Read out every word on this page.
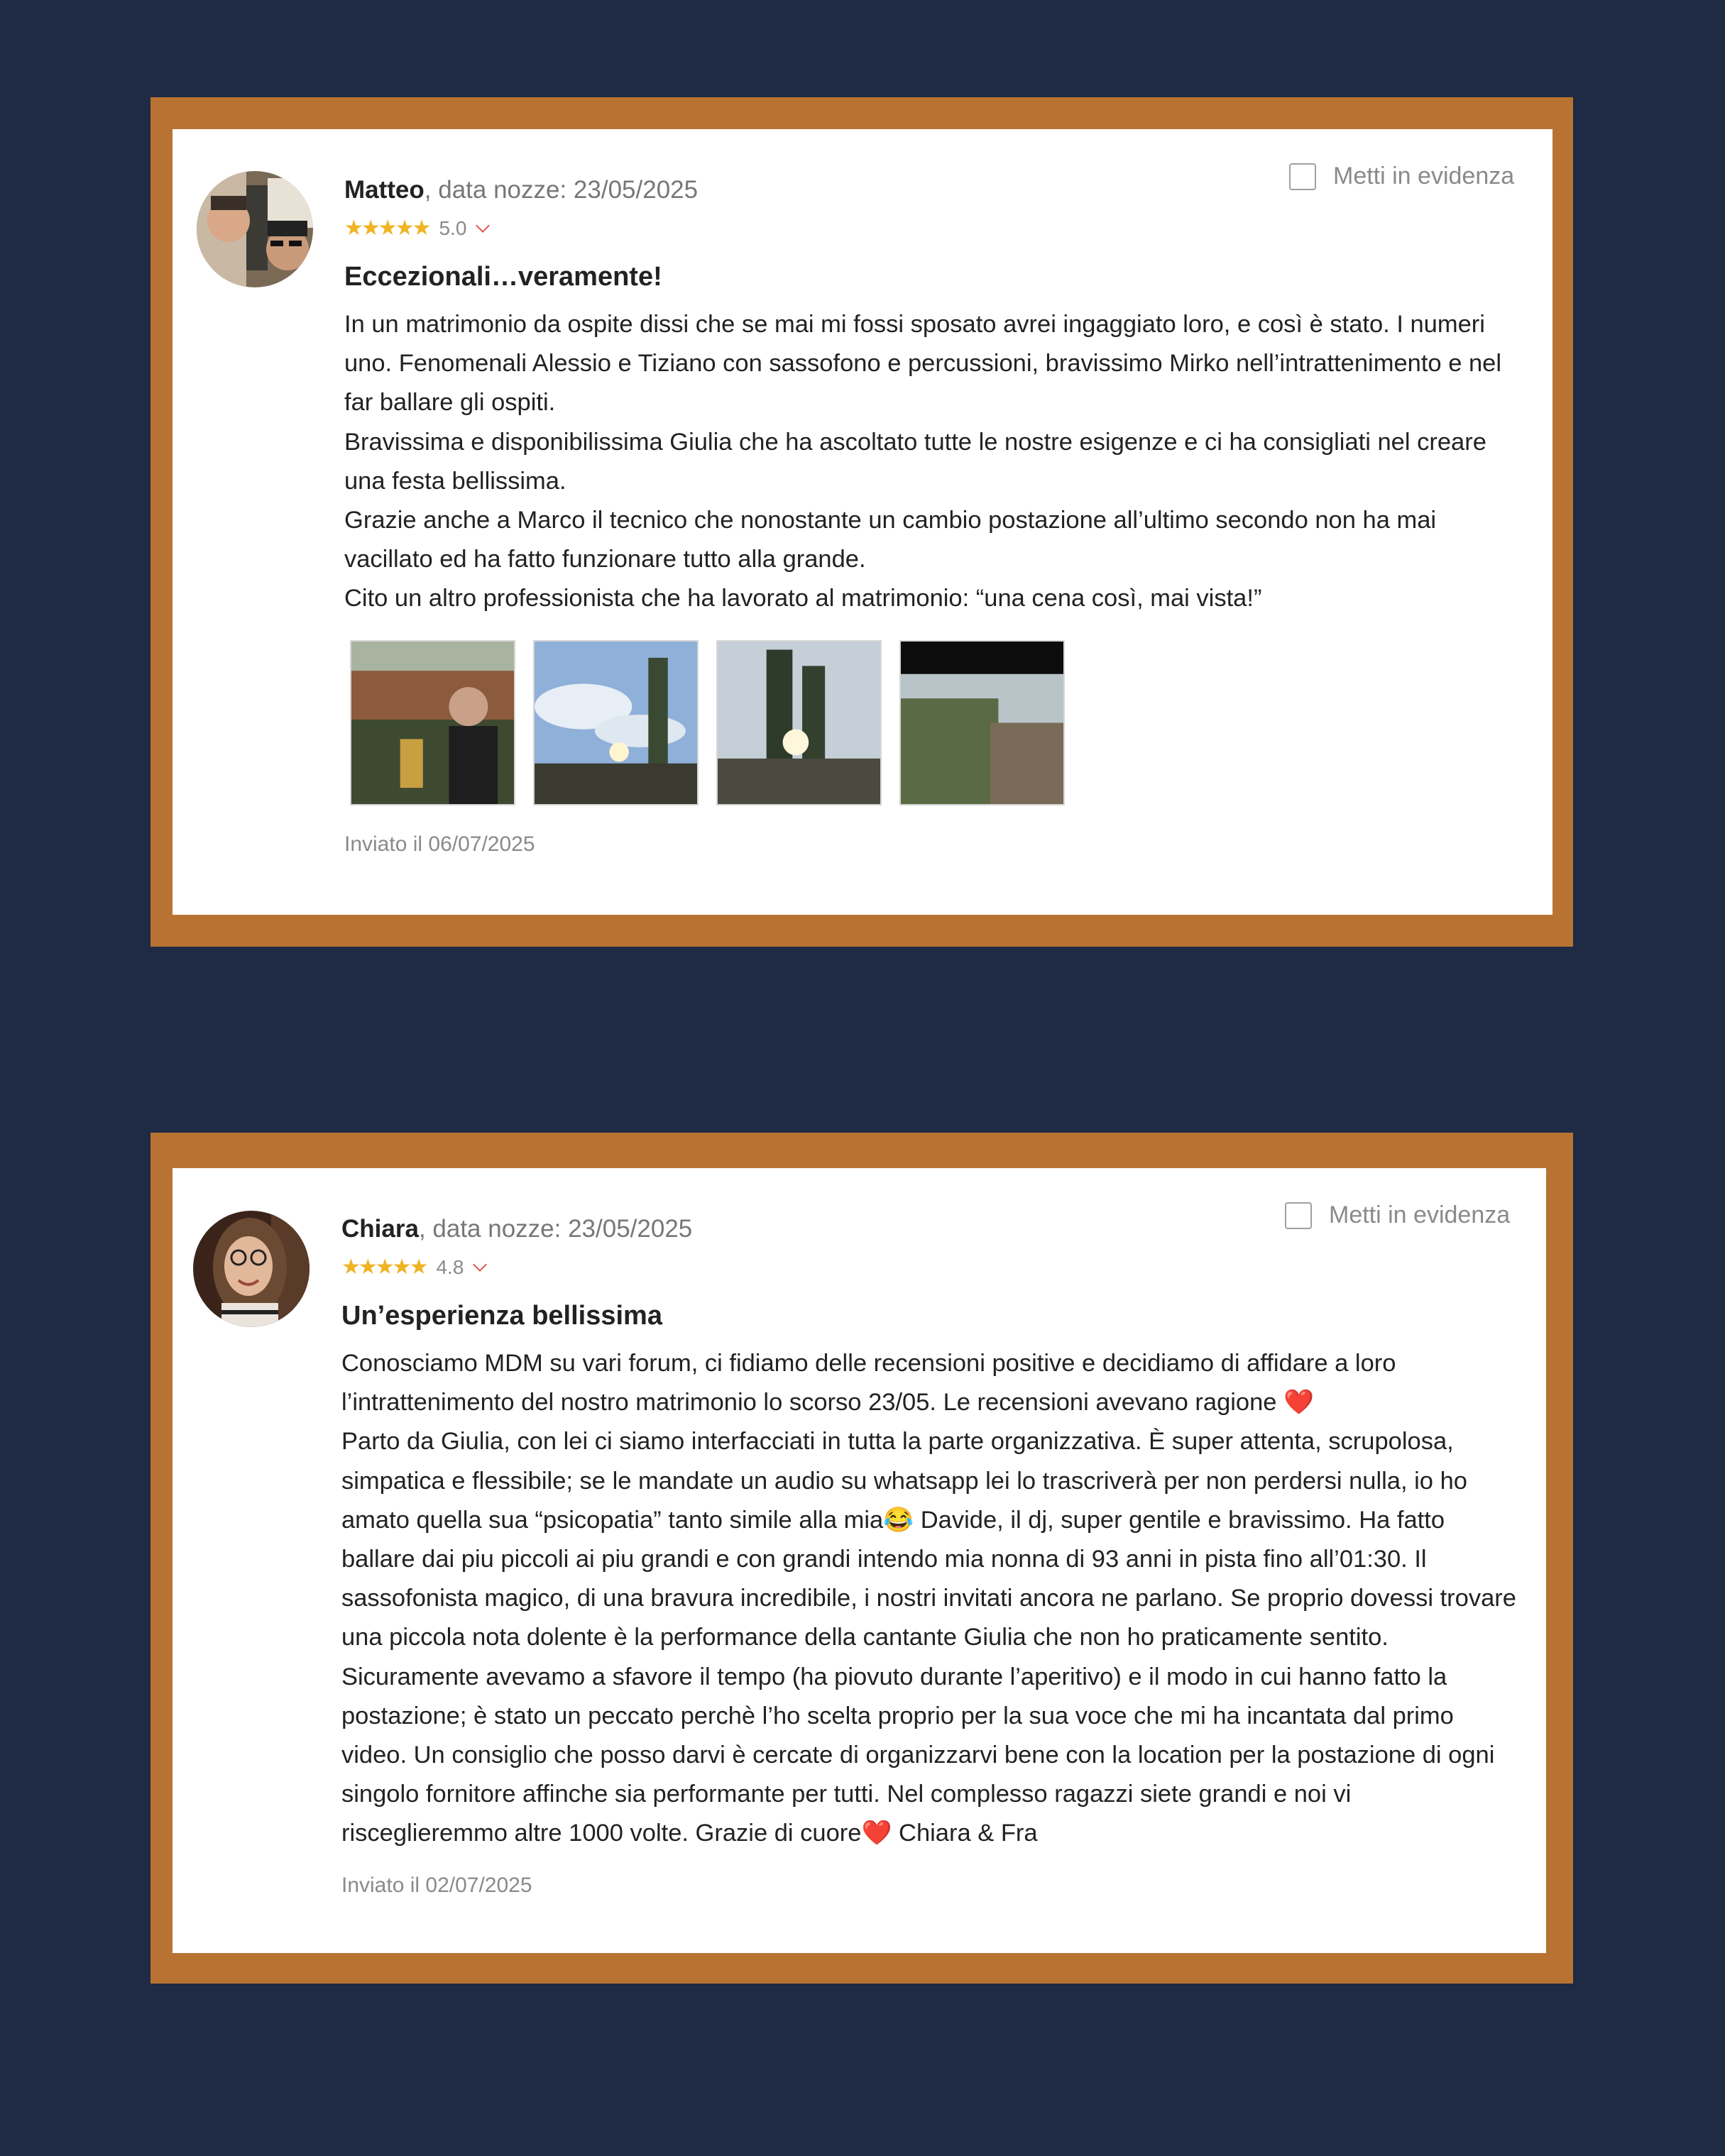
Metti in evidenza

Matteo, data nozze: 23/05/2025

★★★★★ 5.0
Eccezionali…veramente!

In un matrimonio da ospite dissi che se mai mi fossi sposato avrei ingaggiato loro, e così è stato. I numeri uno. Fenomenali Alessio e Tiziano con sassofono e percussioni, bravissimo Mirko nell’intrattenimento e nel far ballare gli ospiti.

Bravissima e disponibilissima Giulia che ha ascoltato tutte le nostre esigenze e ci ha consigliati nel creare una festa bellissima.

Grazie anche a Marco il tecnico che nonostante un cambio postazione all’ultimo secondo non ha mai vacillato ed ha fatto funzionare tutto alla grande.

Cito un altro professionista che ha lavorato al matrimonio: “una cena così, mai vista!”

Inviato il 06/07/2025
Metti in evidenza

Chiara, data nozze: 23/05/2025

★★★★★ 4.8
Un’esperienza bellissima

Conosciamo MDM su vari forum, ci fidiamo delle recensioni positive e decidiamo di affidare a loro l’intrattenimento del nostro matrimonio lo scorso 23/05. Le recensioni avevano ragione ❤️

Parto da Giulia, con lei ci siamo interfacciati in tutta la parte organizzativa. È super attenta, scrupolosa, simpatica e flessibile; se le mandate un audio su whatsapp lei lo trascriverà per non perdersi nulla, io ho amato quella sua “psicopatia” tanto simile alla mia😂 Davide, il dj, super gentile e bravissimo. Ha fatto ballare dai piu piccoli ai piu grandi e con grandi intendo mia nonna di 93 anni in pista fino all’01:30. Il sassofonista magico, di una bravura incredibile, i nostri invitati ancora ne parlano. Se proprio dovessi trovare una piccola nota dolente è la performance della cantante Giulia che non ho praticamente sentito. Sicuramente avevamo a sfavore il tempo (ha piovuto durante l’aperitivo) e il modo in cui hanno fatto la postazione; è stato un peccato perchè l’ho scelta proprio per la sua voce che mi ha incantata dal primo video. Un consiglio che posso darvi è cercate di organizzarvi bene con la location per la postazione di ogni singolo fornitore affinche sia performante per tutti. Nel complesso ragazzi siete grandi e noi vi risceglieremmo altre 1000 volte. Grazie di cuore❤️ Chiara & Fra

Inviato il 02/07/2025
